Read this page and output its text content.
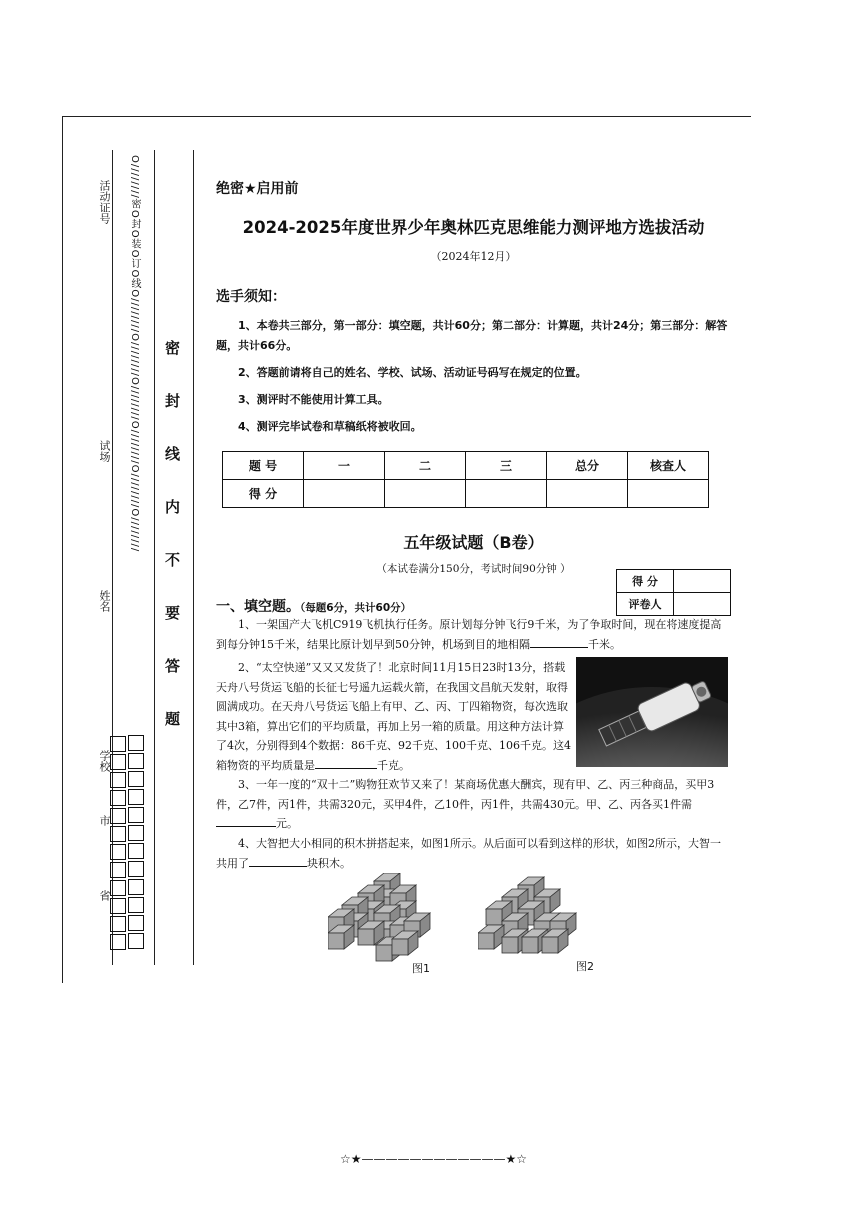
O////////密O封O装O订O线O////////O////////O////////O////////O////////O////////
活动证号
试场
姓名
学校
市
省
密封线内不要答题

绝密★启用前

2024-2025年度世界少年奥林匹克思维能力测评地方选拔活动

（2024年12月）

选手须知：

1、本卷共三部分，第一部分：填空题，共计60分；第二部分：计算题，共计24分；第三部分：解答题，共计66分。

2、答题前请将自己的姓名、学校、试场、活动证号码写在规定的位置。

3、测评时不能使用计算工具。

4、测评完毕试卷和草稿纸将被收回。

题 号	一	二	三	总分	核查人
得 分					

五年级试题（B卷）

（本试卷满分150分，考试时间90分钟 ）

得 分	
评卷人	
一、填空题。（每题6分，共计60分）
1、一架国产大飞机C919飞机执行任务。原计划每分钟飞行9千米，为了争取时间，现在将速度提高到每分钟15千米，结果比原计划早到50分钟，机场到目的地相隔	千米。
2、“太空快递”又又又发货了！北京时间11月15日23时13分，搭载天舟八号货运飞船的长征七号遥九运载火箭，在我国文昌航天发射，取得圆满成功。在天舟八号货运飞船上有甲、乙、丙、丁四箱物资，每次选取其中3箱，算出它们的平均质量，再加上另一箱的质量。用这种方法计算了4次，分别得到4个数据：86千克、92千克、100千克、106千克。这4箱物资的平均质量是	千克。
3、一年一度的“双十二”购物狂欢节又来了！某商场优惠大酬宾，现有甲、乙、丙三种商品，买甲3件，乙7件，丙1件，共需320元，买甲4件，乙10件，丙1件，共需430元。甲、乙、丙各买1件需元。
4、大智把大小相同的积木拼搭起来，如图1所示。从后面可以看到这样的形状，如图2所示，大智一共用了	块积木。
图1	图2
☆★————————————★☆
